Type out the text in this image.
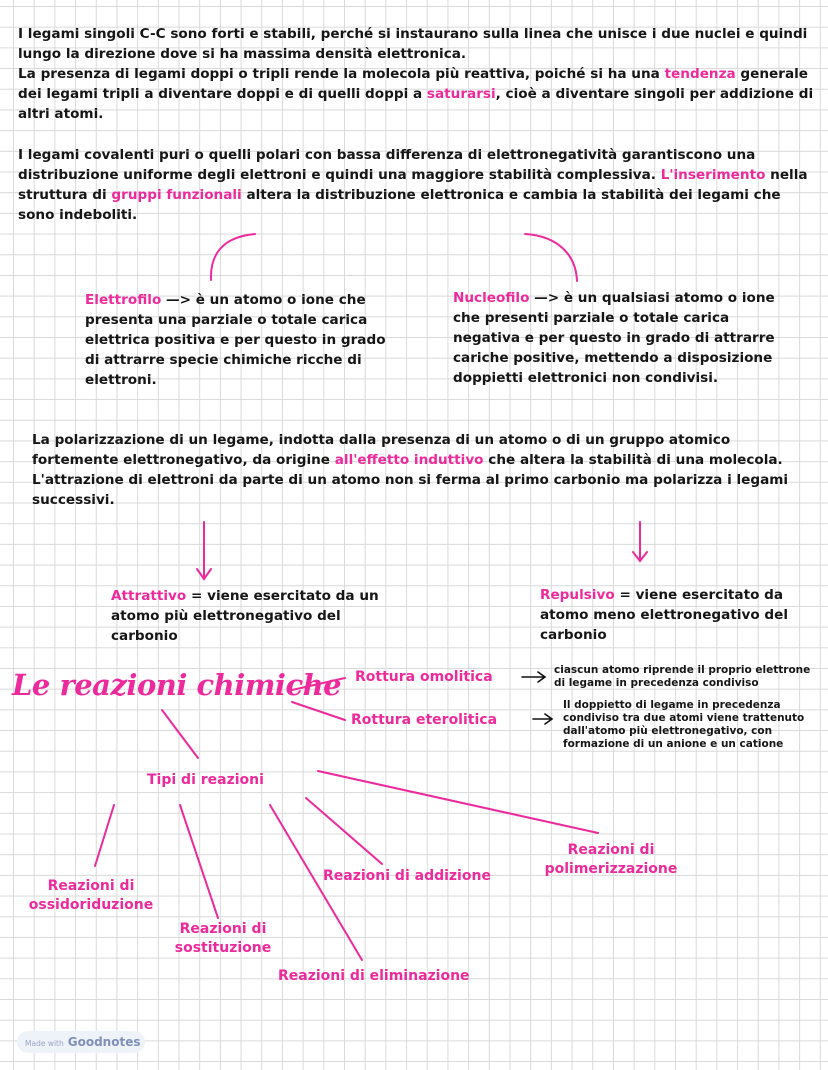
I legami singoli C-C sono forti e stabili, perché si instaurano sulla linea che unisce i due nuclei e quindi lungo la direzione dove si ha massima densità elettronica.
La presenza di legami doppi o tripli rende la molecola più reattiva, poiché si ha una tendenza generale dei legami tripli a diventare doppi e di quelli doppi a saturarsi, cioè a diventare singoli per addizione di altri atomi.
I legami covalenti puri o quelli polari con bassa differenza di elettronegatività garantiscono una distribuzione uniforme degli elettroni e quindi una maggiore stabilità complessiva. L'inserimento nella struttura di gruppi funzionali altera la distribuzione elettronica e cambia la stabilità dei legami che sono indeboliti.
Elettrofilo —> è un atomo o ione che presenta una parziale o totale carica elettrica positiva e per questo in grado di attrarre specie chimiche ricche di elettroni.
Nucleofilo —> è un qualsiasi atomo o ione che presenti parziale o totale carica negativa e per questo in grado di attrarre cariche positive, mettendo a disposizione doppietti elettronici non condivisi.
La polarizzazione di un legame, indotta dalla presenza di un atomo o di un gruppo atomico fortemente elettronegativo, da origine all'effetto induttivo che altera la stabilità di una molecola. L'attrazione di elettroni da parte di un atomo non si ferma al primo carbonio ma polarizza i legami successivi.
Attrattivo = viene esercitato da un atomo più elettronegativo del carbonio
Repulsivo = viene esercitato da atomo meno elettronegativo del carbonio
Le reazioni chimiche Rottura omolitica	ciascun atomo riprende il proprio elettrone di legame in precedenza condiviso
Rottura eterolitica
Il doppietto di legame in precedenza condiviso tra due atomi viene trattenuto dall'atomo più elettronegativo, con formazione di un anione e un catione
Tipi di reazioni
Reazioni di ossidoriduzione
Reazioni di sostituzione
Reazioni di eliminazione
Reazioni di addizione
Reazioni di polimerizzazione
Made with Goodnotes
